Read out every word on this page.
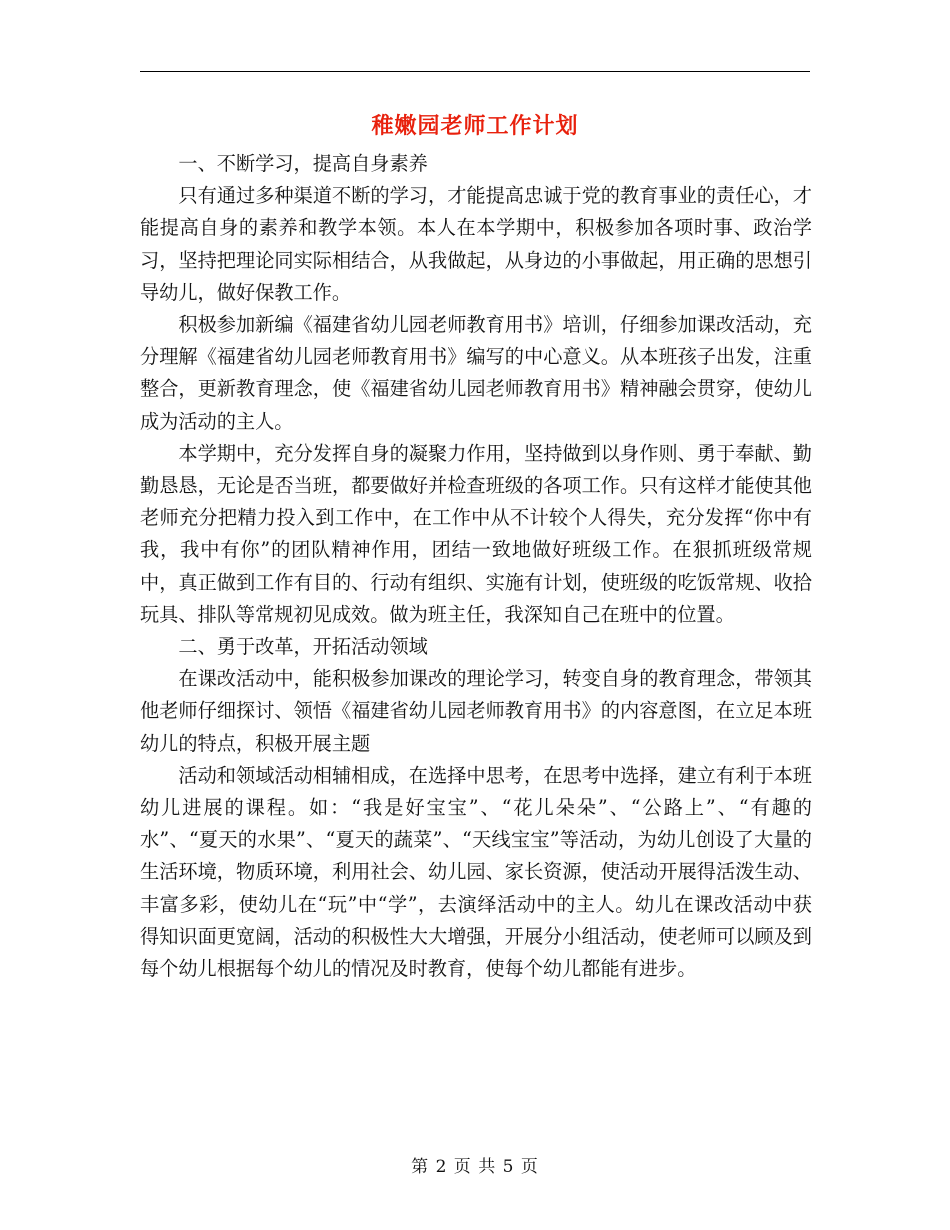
稚嫩园老师工作计划

一、不断学习，提高自身素养

只有通过多种渠道不断的学习，才能提高忠诚于党的教育事业的责任心，才能提高自身的素养和教学本领。本人在本学期中，积极参加各项时事、政治学习，坚持把理论同实际相结合，从我做起，从身边的小事做起，用正确的思想引导幼儿，做好保教工作。

积极参加新编《福建省幼儿园老师教育用书》培训，仔细参加课改活动，充分理解《福建省幼儿园老师教育用书》编写的中心意义。从本班孩子出发，注重整合，更新教育理念，使《福建省幼儿园老师教育用书》精神融会贯穿，使幼儿成为活动的主人。

本学期中，充分发挥自身的凝聚力作用，坚持做到以身作则、勇于奉献、勤勤恳恳，无论是否当班，都要做好并检查班级的各项工作。只有这样才能使其他老师充分把精力投入到工作中，在工作中从不计较个人得失，充分发挥“你中有我，我中有你”的团队精神作用，团结一致地做好班级工作。在狠抓班级常规中，真正做到工作有目的、行动有组织、实施有计划，使班级的吃饭常规、收拾玩具、排队等常规初见成效。做为班主任，我深知自己在班中的位置。

二、勇于改革，开拓活动领域

在课改活动中，能积极参加课改的理论学习，转变自身的教育理念，带领其他老师仔细探讨、领悟《福建省幼儿园老师教育用书》的内容意图，在立足本班幼儿的特点，积极开展主题

活动和领域活动相辅相成，在选择中思考，在思考中选择，建立有利于本班幼儿进展的课程。如：“我是好宝宝”、“花儿朵朵”、“公路上”、“有趣的水”、“夏天的水果”、“夏天的蔬菜”、“天线宝宝”等活动，为幼儿创设了大量的生活环境，物质环境，利用社会、幼儿园、家长资源，使活动开展得活泼生动、丰富多彩，使幼儿在“玩”中“学”，去演绎活动中的主人。幼儿在课改活动中获得知识面更宽阔，活动的积极性大大增强，开展分小组活动，使老师可以顾及到每个幼儿根据每个幼儿的情况及时教育，使每个幼儿都能有进步。

第 2 页 共 5 页
